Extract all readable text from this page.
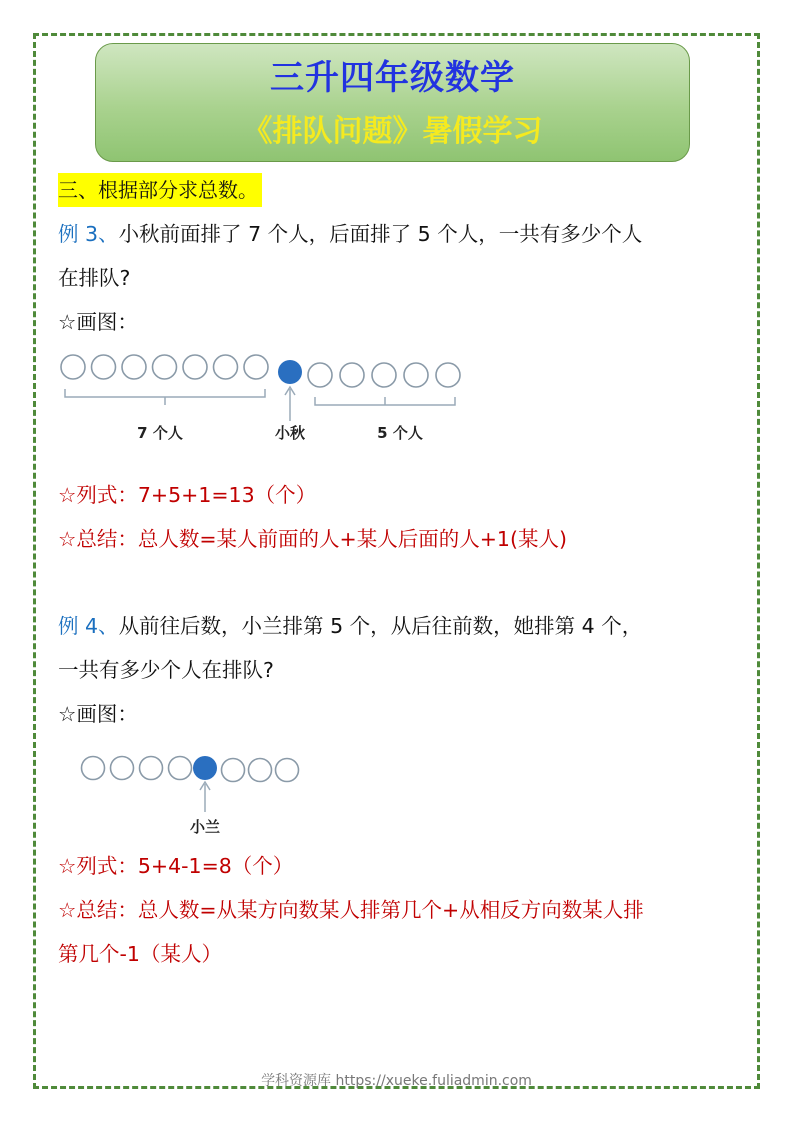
三升四年级数学
《排队问题》暑假学习
三、根据部分求总数。
例 3、小秋前面排了 7 个人，后面排了 5 个人，一共有多少个人
在排队?
☆画图：
7 个人	小秋	5 个人
☆列式：7+5+1=13（个）
☆总结：总人数=某人前面的人+某人后面的人+1(某人)
例 4、从前往后数，小兰排第 5 个，从后往前数，她排第 4 个，
一共有多少个人在排队?
☆画图：
小兰
☆列式：5+4-1=8（个）
☆总结：总人数=从某方向数某人排第几个+从相反方向数某人排
第几个-1（某人）
学科资源库 https://xueke.fuliadmin.com
